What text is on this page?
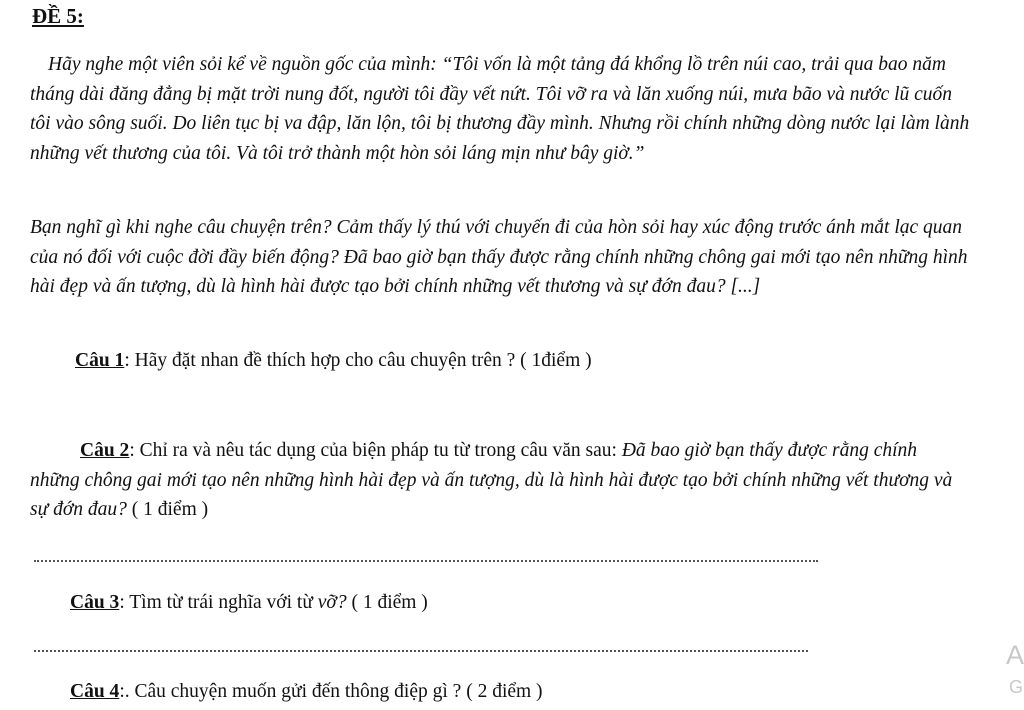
ĐỀ 5:
Hãy nghe một viên sỏi kể về nguồn gốc của mình: “Tôi vốn là một tảng đá khổng lồ trên núi cao, trải qua bao năm tháng dài đăng đẳng bị mặt trời nung đốt, người tôi đầy vết nứt. Tôi vỡ ra và lăn xuống núi, mưa bão và nước lũ cuốn tôi vào sông suối. Do liên tục bị va đập, lăn lộn, tôi bị thương đầy mình. Nhưng rồi chính những dòng nước lại làm lành những vết thương của tôi. Và tôi trở thành một hòn sỏi láng mịn như bây giờ.”
Bạn nghĩ gì khi nghe câu chuyện trên? Cảm thấy lý thú với chuyến đi của hòn sỏi hay xúc động trước ánh mắt lạc quan của nó đối với cuộc đời đầy biến động? Đã bao giờ bạn thấy được rằng chính những chông gai mới tạo nên những hình hài đẹp và ấn tượng, dù là hình hài được tạo bởi chính những vết thương và sự đớn đau? [...]
Câu 1: Hãy đặt nhan đề thích hợp cho câu chuyện trên ? ( 1điểm )
Câu 2: Chỉ ra và nêu tác dụng của biện pháp tu từ trong câu văn sau: Đã bao giờ bạn thấy được rằng chính những chông gai mới tạo nên những hình hài đẹp và ấn tượng, dù là hình hài được tạo bởi chính những vết thương và sự đớn đau? ( 1 điểm )
Câu 3: Tìm từ trái nghĩa với từ vỡ? ( 1 điểm )
Câu 4:. Câu chuyện muốn gửi đến thông điệp gì ? ( 2 điểm )
A
G
